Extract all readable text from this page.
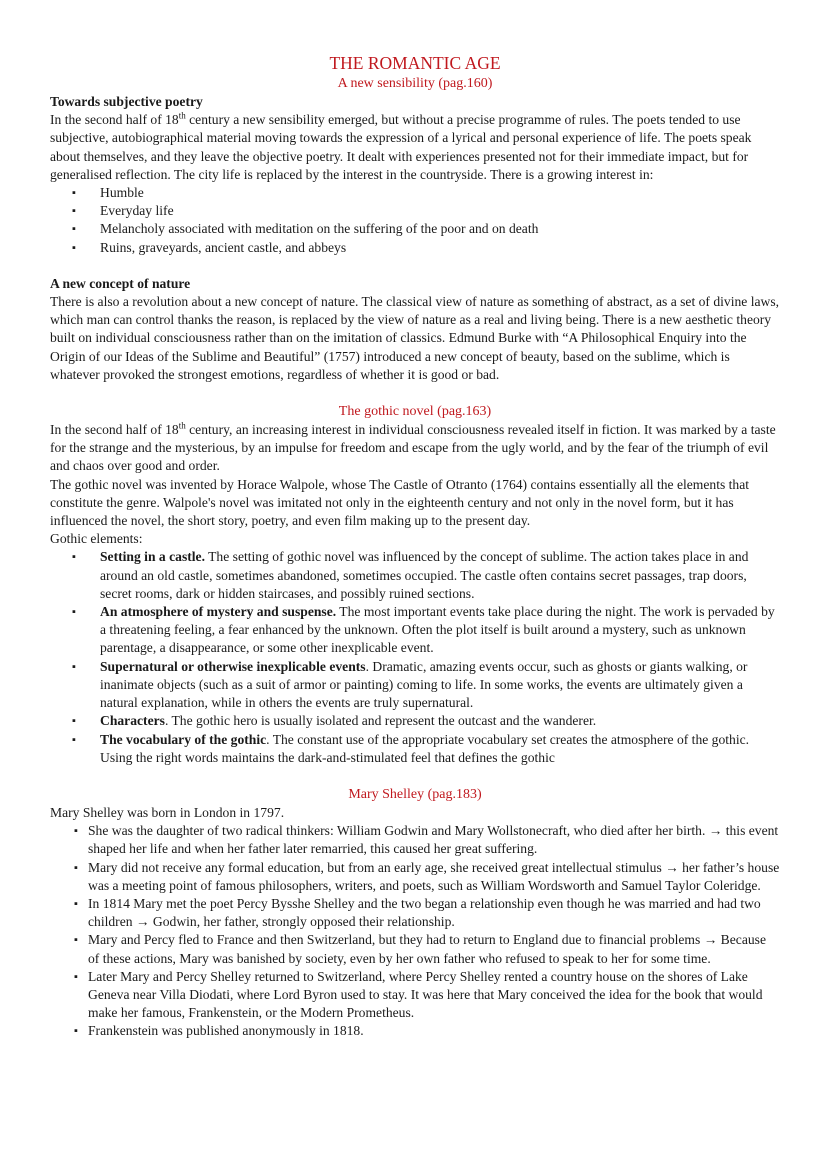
THE ROMANTIC AGE
A new sensibility (pag.160)
Towards subjective poetry

In the second half of 18th century a new sensibility emerged, but without a precise programme of rules. The poets tended to use subjective, autobiographical material moving towards the expression of a lyrical and personal experience of life. The poets speak about themselves, and they leave the objective poetry. It dealt with experiences presented not for their immediate impact, but for generalised reflection. The city life is replaced by the interest in the countryside. There is a growing interest in:

▪ Humble
▪ Everyday life
▪ Melancholy associated with meditation on the suffering of the poor and on death
▪ Ruins, graveyards, ancient castle, and abbeys
A new concept of nature

There is also a revolution about a new concept of nature. The classical view of nature as something of abstract, as a set of divine laws, which man can control thanks the reason, is replaced by the view of nature as a real and living being. There is a new aesthetic theory built on individual consciousness rather than on the imitation of classics. Edmund Burke with “A Philosophical Enquiry into the Origin of our Ideas of the Sublime and Beautiful” (1757) introduced a new concept of beauty, based on the sublime, which is whatever provoked the strongest emotions, regardless of whether it is good or bad.

The gothic novel (pag.163)

In the second half of 18th century, an increasing interest in individual consciousness revealed itself in fiction. It was marked by a taste for the strange and the mysterious, by an impulse for freedom and escape from the ugly world, and by the fear of the triumph of evil and chaos over good and order.

The gothic novel was invented by Horace Walpole, whose The Castle of Otranto (1764) contains essentially all the elements that constitute the genre. Walpole's novel was imitated not only in the eighteenth century and not only in the novel form, but it has influenced the novel, the short story, poetry, and even film making up to the present day.

Gothic elements:

▪ Setting in a castle. The setting of gothic novel was influenced by the concept of sublime. The action takes place in and around an old castle, sometimes abandoned, sometimes occupied. The castle often contains secret passages, trap doors, secret rooms, dark or hidden staircases, and possibly ruined sections.
▪ An atmosphere of mystery and suspense. The most important events take place during the night. The work is pervaded by a threatening feeling, a fear enhanced by the unknown. Often the plot itself is built around a mystery, such as unknown parentage, a disappearance, or some other inexplicable event.
▪ Supernatural or otherwise inexplicable events. Dramatic, amazing events occur, such as ghosts or giants walking, or inanimate objects (such as a suit of armor or painting) coming to life. In some works, the events are ultimately given a natural explanation, while in others the events are truly supernatural.
▪ Characters. The gothic hero is usually isolated and represent the outcast and the wanderer.
▪ The vocabulary of the gothic. The constant use of the appropriate vocabulary set creates the atmosphere of the gothic. Using the right words maintains the dark-and-stimulated feel that defines the gothic
Mary Shelley (pag.183)

Mary Shelley was born in London in 1797.

▪ She was the daughter of two radical thinkers: William Godwin and Mary Wollstonecraft, who died after her birth. → this event shaped her life and when her father later remarried, this caused her great suffering.
▪ Mary did not receive any formal education, but from an early age, she received great intellectual stimulus → her father’s house was a meeting point of famous philosophers, writers, and poets, such as William Wordsworth and Samuel Taylor Coleridge.
▪ In 1814 Mary met the poet Percy Bysshe Shelley and the two began a relationship even though he was married and had two children → Godwin, her father, strongly opposed their relationship.
▪ Mary and Percy fled to France and then Switzerland, but they had to return to England due to financial problems → Because of these actions, Mary was banished by society, even by her own father who refused to speak to her for some time.
▪ Later Mary and Percy Shelley returned to Switzerland, where Percy Shelley rented a country house on the shores of Lake Geneva near Villa Diodati, where Lord Byron used to stay. It was here that Mary conceived the idea for the book that would make her famous, Frankenstein, or the Modern Prometheus.
▪ Frankenstein was published anonymously in 1818.
